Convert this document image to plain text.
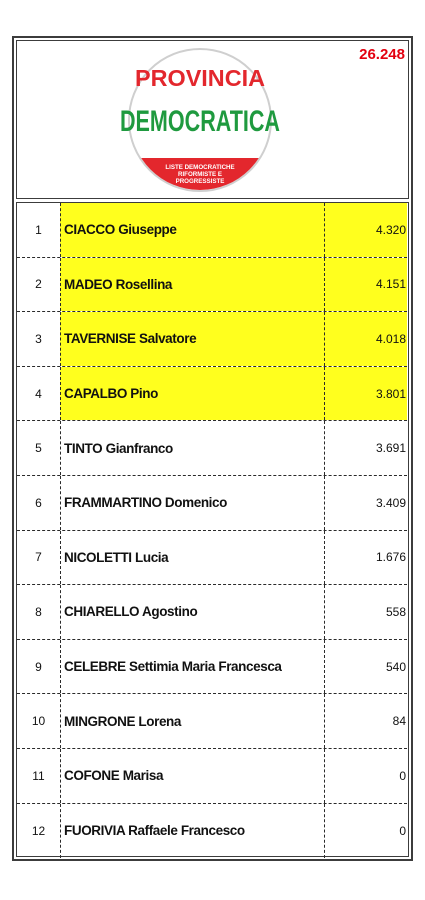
26.248
PROVINCIA
DEMOCRATICA
LISTE DEMOCRATICHE
RIFORMISTE E
PROGRESSISTE
1	CIACCO Giuseppe	4.320
2	MADEO Rosellina	4.151
3	TAVERNISE Salvatore	4.018
4	CAPALBO Pino	3.801
5	TINTO Gianfranco	3.691
6	FRAMMARTINO Domenico	3.409
7	NICOLETTI Lucia	1.676
8	CHIARELLO Agostino	558
9	CELEBRE Settimia Maria Francesca	540
10	MINGRONE Lorena	84
11	COFONE Marisa	0
12	FUORIVIA Raffaele Francesco	0
